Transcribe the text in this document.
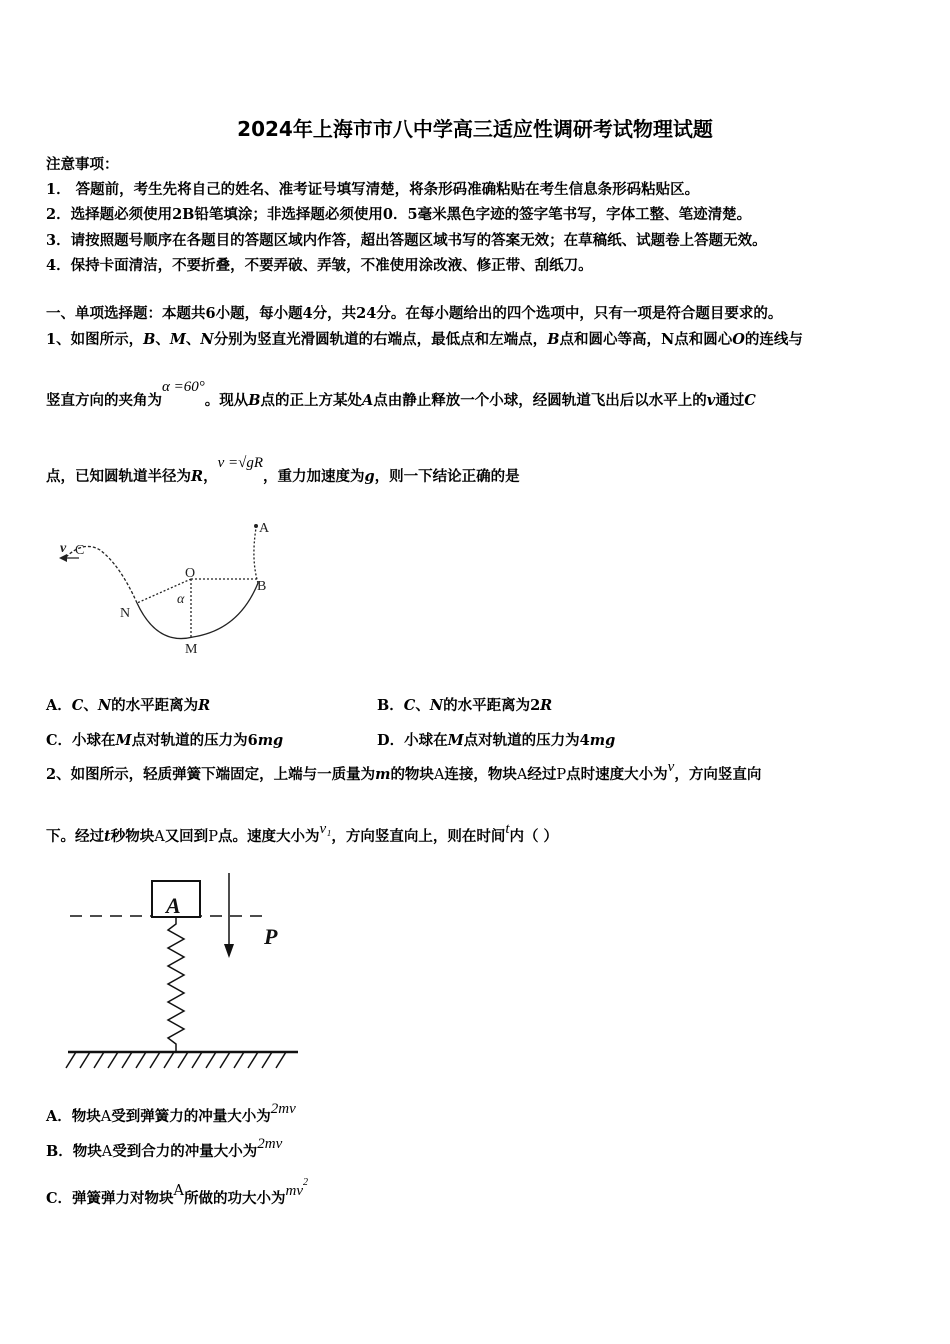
2024年上海市市八中学高三适应性调研考试物理试题
注意事项：
1． 答题前，考生先将自己的姓名、准考证号填写清楚，将条形码准确粘贴在考生信息条形码粘贴区。
2．选择题必须使用2B铅笔填涂；非选择题必须使用0．5毫米黑色字迹的签字笔书写，字体工整、笔迹清楚。
3．请按照题号顺序在各题目的答题区域内作答，超出答题区域书写的答案无效；在草稿纸、试题卷上答题无效。
4．保持卡面清洁，不要折叠，不要弄破、弄皱，不准使用涂改液、修正带、刮纸刀。
一、单项选择题：本题共6小题，每小题4分，共24分。在每小题给出的四个选项中，只有一项是符合题目要求的。
1、如图所示，B、M、N分别为竖直光滑圆轨道的右端点，最低点和左端点，B点和圆心等高，N点和圆心O的连线与
竖直方向的夹角为α =60°。现从B点的正上方某处A点由静止释放一个小球，经圆轨道飞出后以水平上的v通过C
点，已知圆轨道半径为R，v =√gR，重力加速度为g，则一下结论正确的是
v C
O
α
N
M
B
A
A．C、N的水平距离为R	B．C、N的水平距离为2R
C．小球在M点对轨道的压力为6mg	D．小球在M点对轨道的压力为4mg
2、如图所示，轻质弹簧下端固定，上端与一质量为m的物块A连接，物块A经过P点时速度大小为v，方向竖直向
下。经过t秒物块A又回到P点。速度大小为v₁，方向竖直向上，则在时间t内（ ）
A
P
A．物块A受到弹簧力的冲量大小为2mv
B．物块A受到合力的冲量大小为2mv
C．弹簧弹力对物块A所做的功大小为$mv^2$
